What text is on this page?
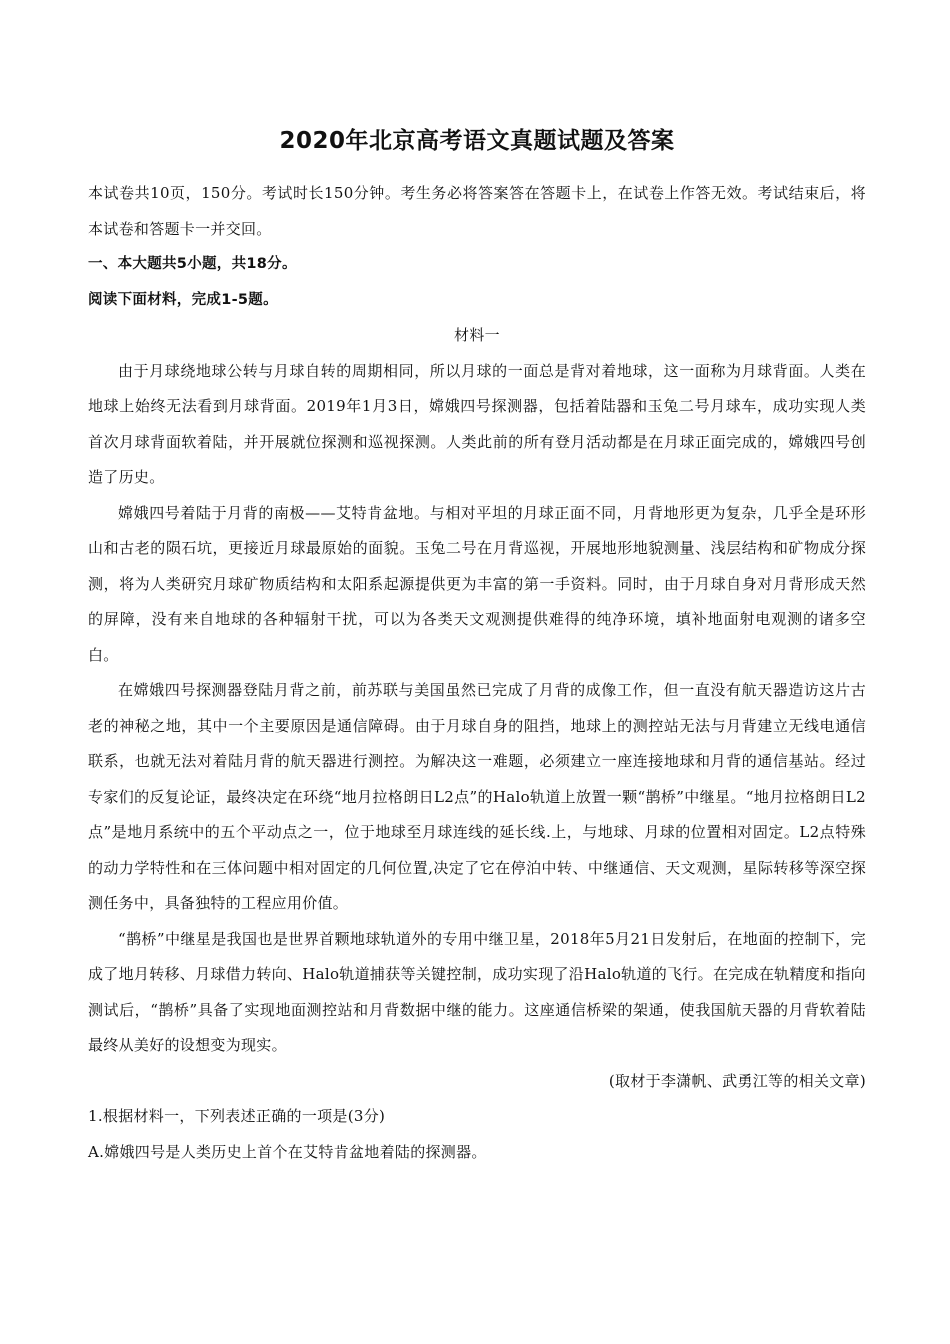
2020年北京高考语文真题试题及答案

本试卷共10页，150分。考试时长150分钟。考生务必将答案答在答题卡上，在试卷上作答无效。考试结束后，将本试卷和答题卡一并交回。

一、本大题共5小题，共18分。

阅读下面材料，完成1-5题。

材料一

由于月球绕地球公转与月球自转的周期相同，所以月球的一面总是背对着地球，这一面称为月球背面。人类在地球上始终无法看到月球背面。2019年1月3日，嫦娥四号探测器，包括着陆器和玉兔二号月球车，成功实现人类首次月球背面软着陆，并开展就位探测和巡视探测。人类此前的所有登月活动都是在月球正面完成的，嫦娥四号创造了历史。

嫦娥四号着陆于月背的南极——艾特肯盆地。与相对平坦的月球正面不同，月背地形更为复杂，几乎全是环形山和古老的陨石坑，更接近月球最原始的面貌。玉兔二号在月背巡视，开展地形地貌测量、浅层结构和矿物成分探测，将为人类研究月球矿物质结构和太阳系起源提供更为丰富的第一手资料。同时，由于月球自身对月背形成天然的屏障，没有来自地球的各种辐射干扰，可以为各类天文观测提供难得的纯净环境，填补地面射电观测的诸多空白。

在嫦娥四号探测器登陆月背之前，前苏联与美国虽然已完成了月背的成像工作，但一直没有航天器造访这片古老的神秘之地，其中一个主要原因是通信障碍。由于月球自身的阻挡，地球上的测控站无法与月背建立无线电通信联系，也就无法对着陆月背的航天器进行测控。为解决这一难题，必须建立一座连接地球和月背的通信基站。经过专家们的反复论证，最终决定在环绕“地月拉格朗日L2点”的Halo轨道上放置一颗“鹊桥”中继星。“地月拉格朗日L2点”是地月系统中的五个平动点之一，位于地球至月球连线的延长线.上，与地球、月球的位置相对固定。L2点特殊的动力学特性和在三体问题中相对固定的几何位置,决定了它在停泊中转、中继通信、天文观测，星际转移等深空探测任务中，具备独特的工程应用价值。

“鹊桥”中继星是我国也是世界首颗地球轨道外的专用中继卫星，2018年5月21日发射后，在地面的控制下，完成了地月转移、月球借力转向、Halo轨道捕获等关键控制，成功实现了沿Halo轨道的飞行。在完成在轨精度和指向测试后，“鹊桥”具备了实现地面测控站和月背数据中继的能力。这座通信桥梁的架通，使我国航天器的月背软着陆最终从美好的设想变为现实。

(取材于李潇帆、武勇江等的相关文章)

1.根据材料一，下列表述正确的一项是(3分)

A.嫦娥四号是人类历史上首个在艾特肯盆地着陆的探测器。
